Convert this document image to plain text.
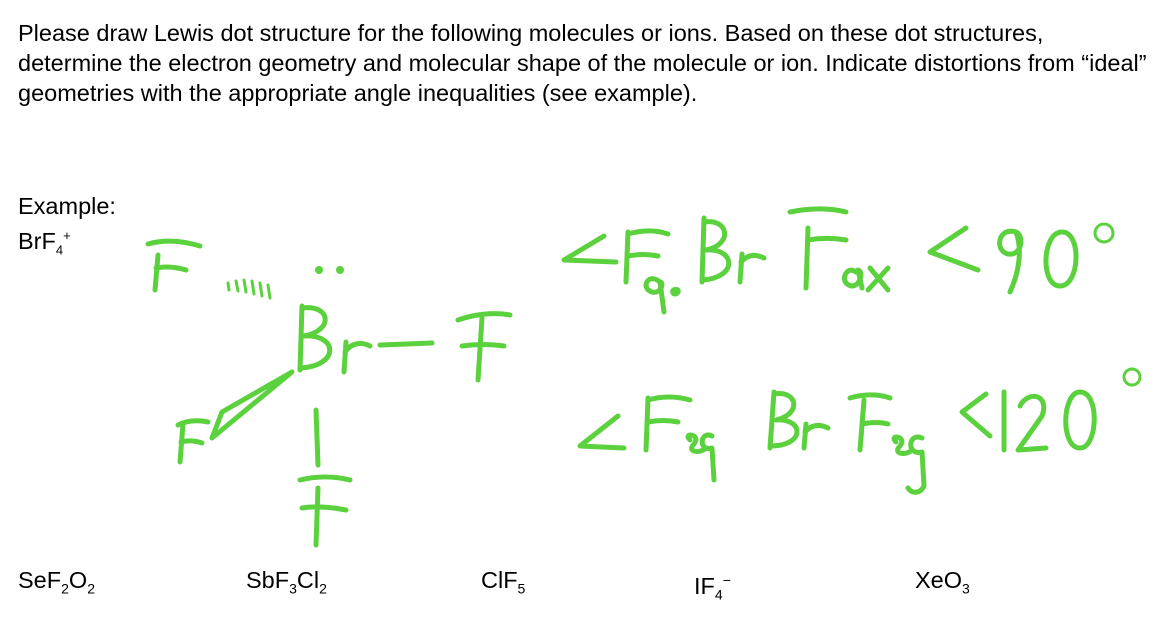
Please draw Lewis dot structure for the following molecules or ions. Based on these dot structures, determine the electron geometry and molecular shape of the molecule or ion. Indicate distortions from “ideal” geometries with the appropriate angle inequalities (see example).

Example:
BrF$_4$+
$SeF_2O_2$	$SbF_3Cl_2$	ClF$_5$	$IF_4^-$	XeO$_3$
